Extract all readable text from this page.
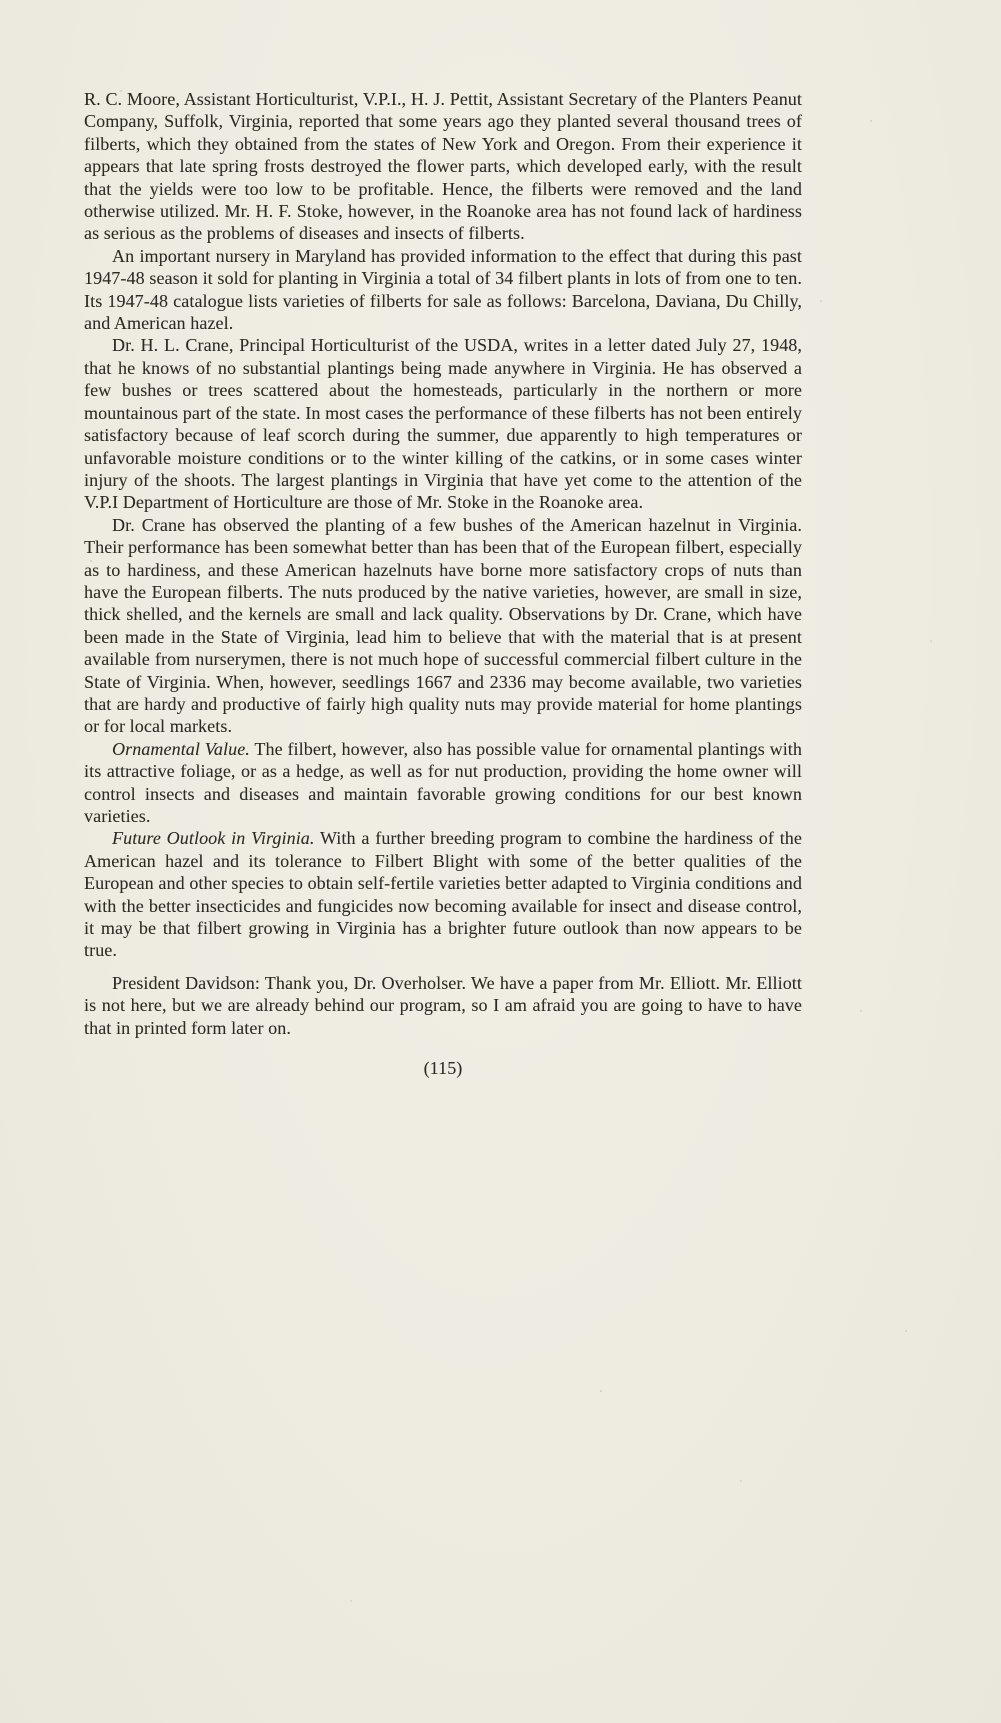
R. C. Moore, Assistant Horticulturist, V.P.I., H. J. Pettit, Assistant Secretary of the Planters Peanut Company, Suffolk, Virginia, reported that some years ago they planted several thousand trees of filberts, which they obtained from the states of New York and Oregon. From their experience it appears that late spring frosts destroyed the flower parts, which developed early, with the result that the yields were too low to be profitable. Hence, the filberts were removed and the land otherwise utilized. Mr. H. F. Stoke, however, in the Roanoke area has not found lack of hardiness as serious as the problems of diseases and insects of filberts.

An important nursery in Maryland has provided information to the effect that during this past 1947-48 season it sold for planting in Virginia a total of 34 filbert plants in lots of from one to ten. Its 1947-48 catalogue lists varieties of filberts for sale as follows: Barcelona, Daviana, Du Chilly, and American hazel.

Dr. H. L. Crane, Principal Horticulturist of the USDA, writes in a letter dated July 27, 1948, that he knows of no substantial plantings being made anywhere in Virginia. He has observed a few bushes or trees scattered about the homesteads, particularly in the northern or more mountainous part of the state. In most cases the performance of these filberts has not been entirely satisfactory because of leaf scorch during the summer, due apparently to high temperatures or unfavorable moisture conditions or to the winter killing of the catkins, or in some cases winter injury of the shoots. The largest plantings in Virginia that have yet come to the attention of the V.P.I Department of Horticulture are those of Mr. Stoke in the Roanoke area.

Dr. Crane has observed the planting of a few bushes of the American hazelnut in Virginia. Their performance has been somewhat better than has been that of the European filbert, especially as to hardiness, and these American hazelnuts have borne more satisfactory crops of nuts than have the European filberts. The nuts produced by the native varieties, however, are small in size, thick shelled, and the kernels are small and lack quality. Observations by Dr. Crane, which have been made in the State of Virginia, lead him to believe that with the material that is at present available from nurserymen, there is not much hope of successful commercial filbert culture in the State of Virginia. When, however, seedlings 1667 and 2336 may become available, two varieties that are hardy and productive of fairly high quality nuts may provide material for home plantings or for local markets.

Ornamental Value. The filbert, however, also has possible value for ornamental plantings with its attractive foliage, or as a hedge, as well as for nut production, providing the home owner will control insects and diseases and maintain favorable growing conditions for our best known varieties.

Future Outlook in Virginia. With a further breeding program to combine the hardiness of the American hazel and its tolerance to Filbert Blight with some of the better qualities of the European and other species to obtain self-fertile varieties better adapted to Virginia conditions and with the better insecticides and fungicides now becoming available for insect and disease control, it may be that filbert growing in Virginia has a brighter future outlook than now appears to be true.

President Davidson: Thank you, Dr. Overholser. We have a paper from Mr. Elliott. Mr. Elliott is not here, but we are already behind our program, so I am afraid you are going to have to have that in printed form later on.

(115)
